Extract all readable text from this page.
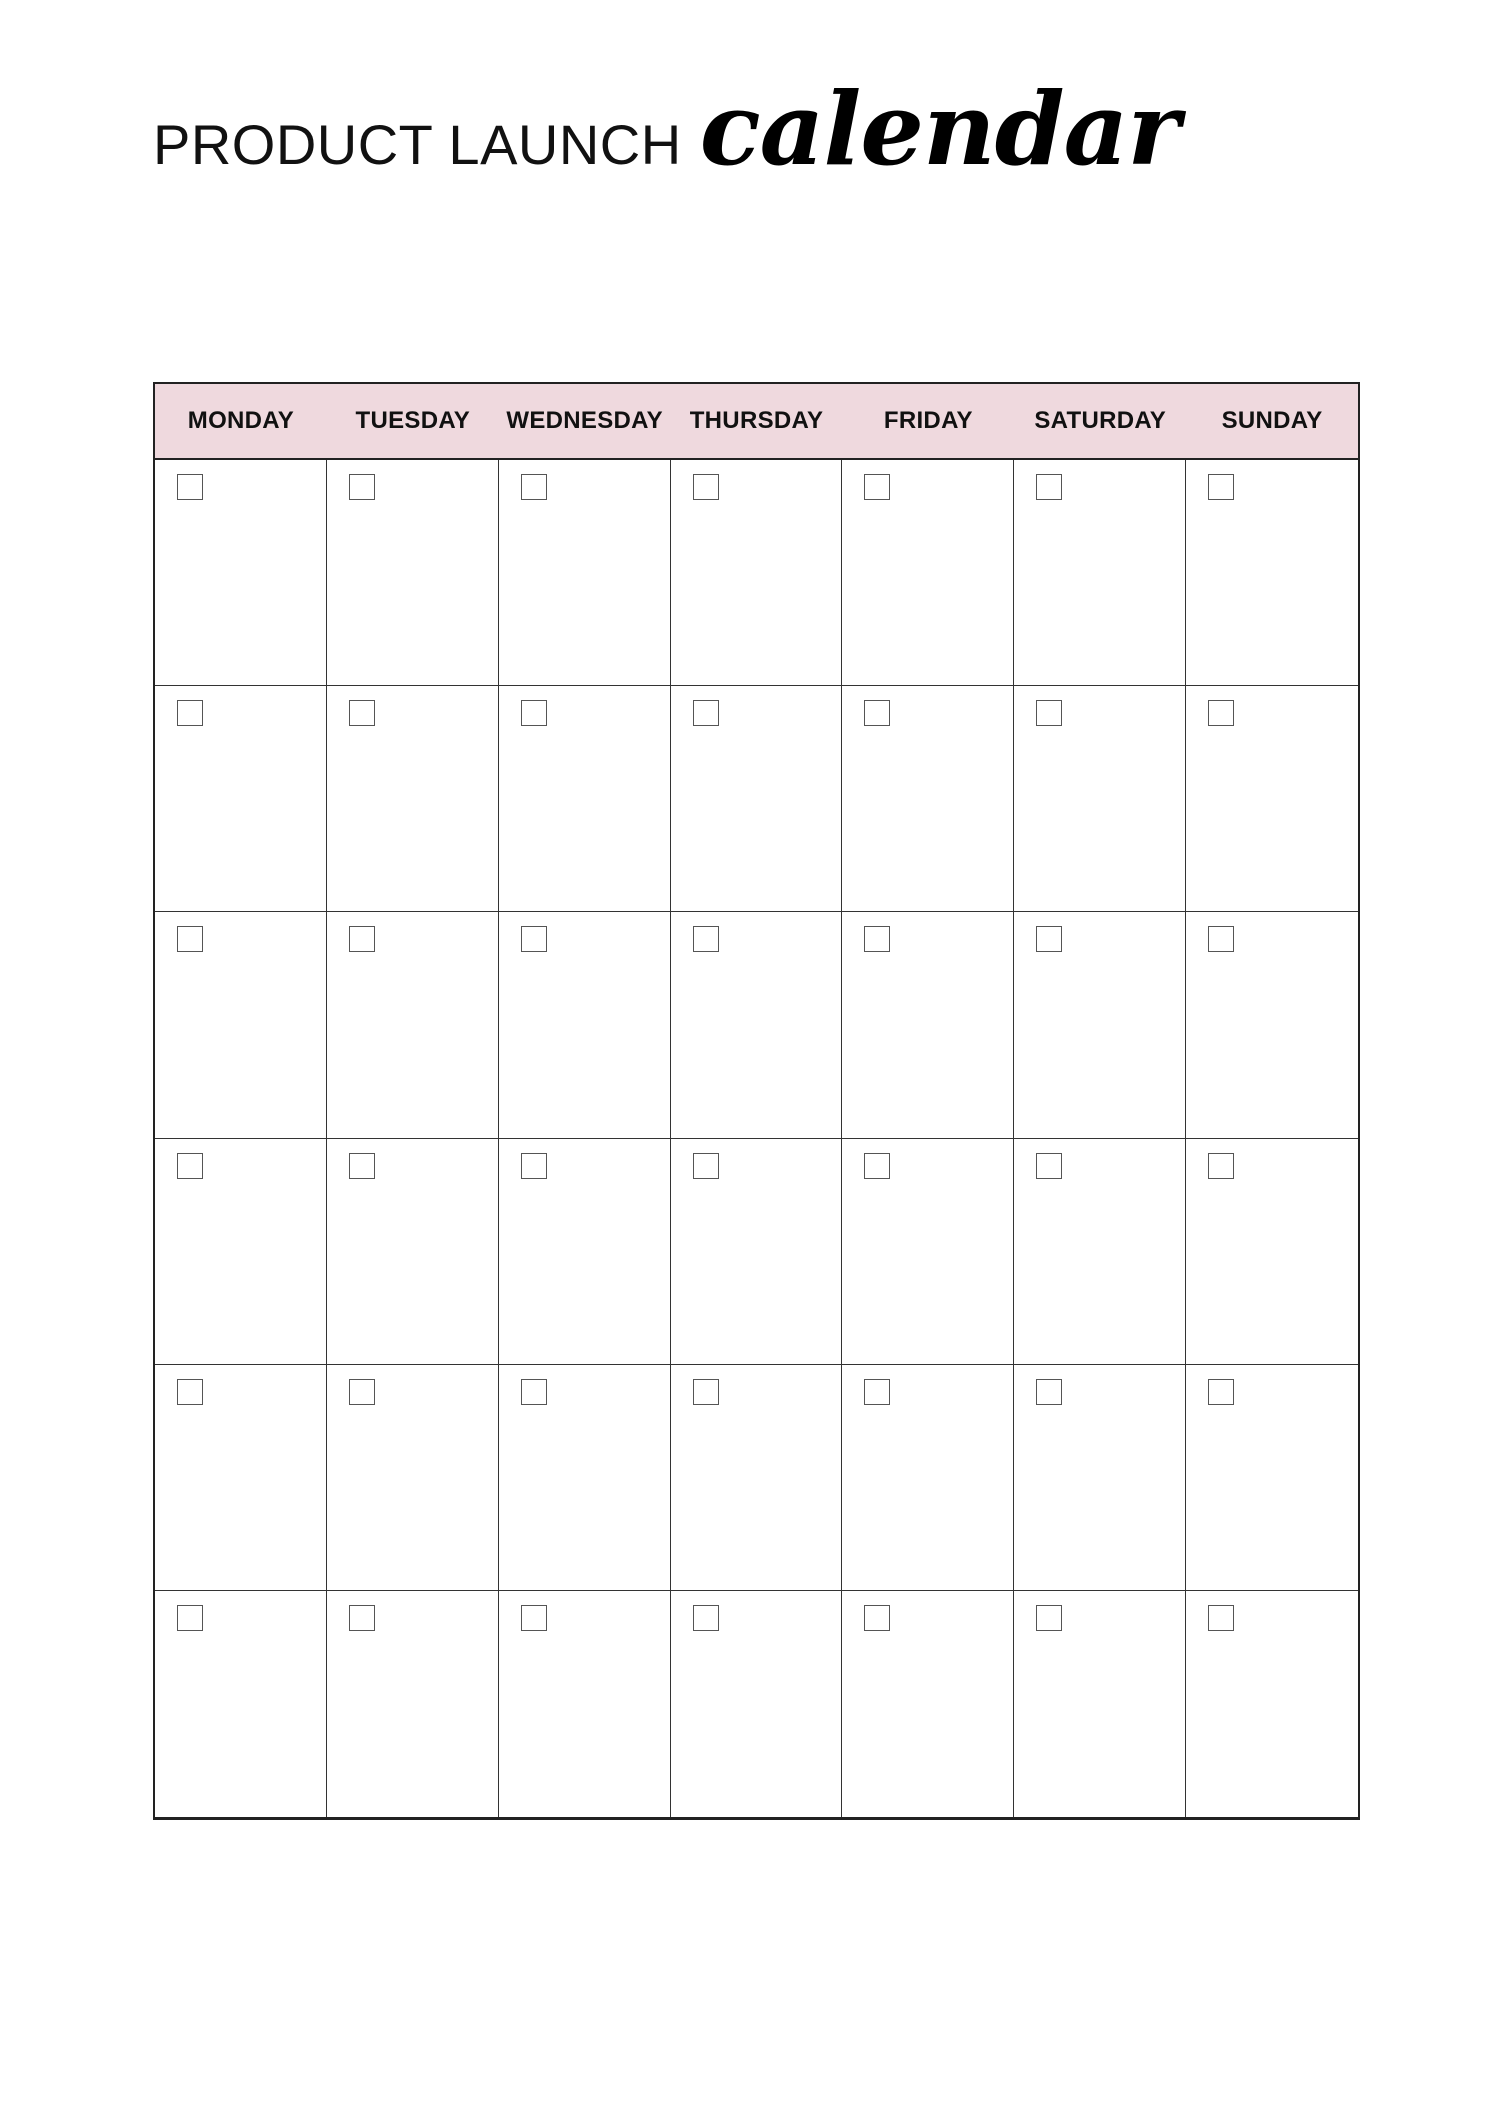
PRODUCT LAUNCH calendar
MONDAY	TUESDAY	WEDNESDAY	THURSDAY	FRIDAY	SATURDAY	SUNDAY
